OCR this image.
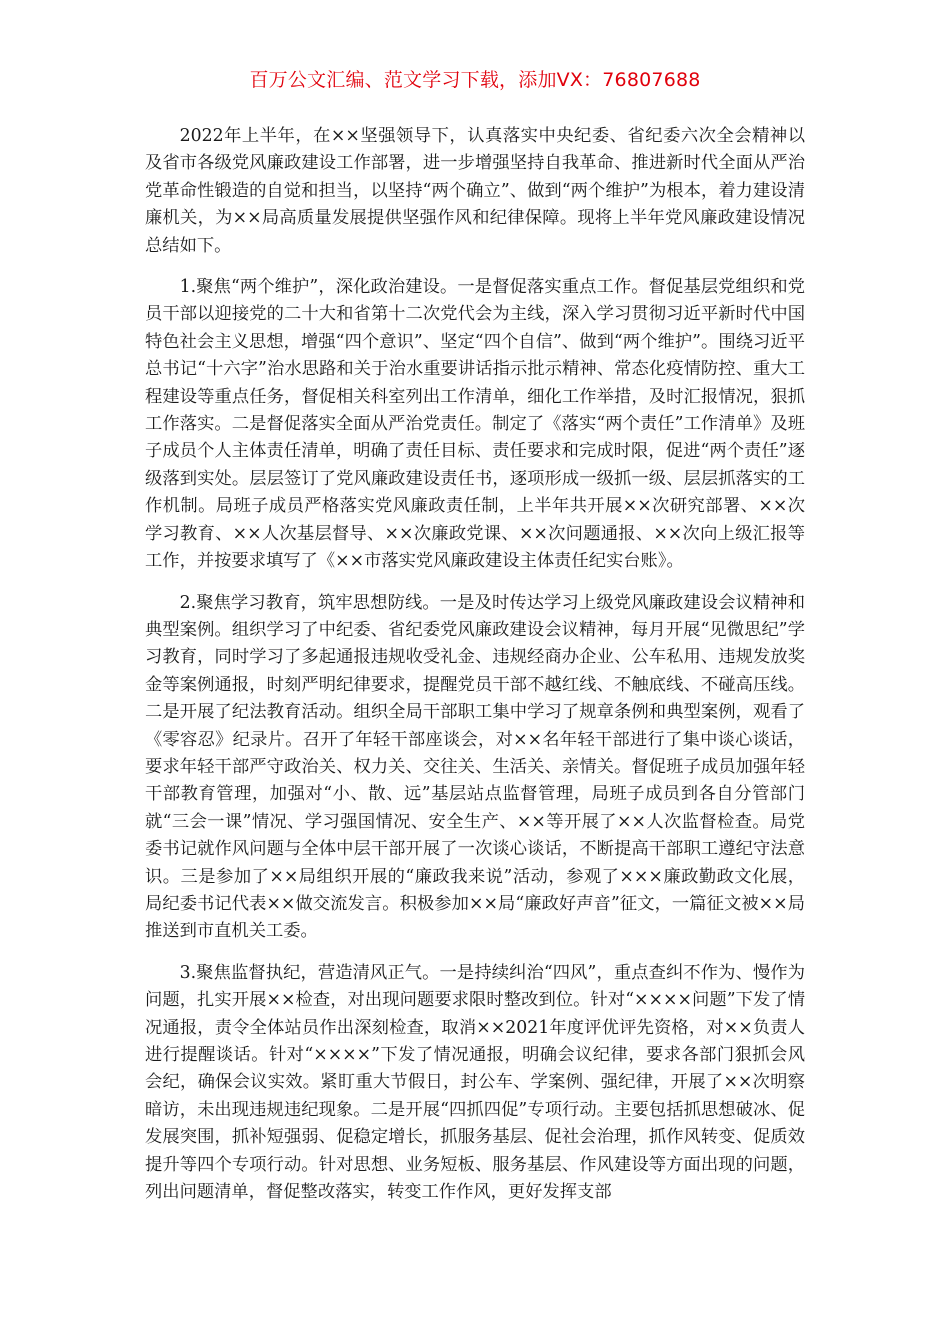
百万公文汇编、范文学习下载，添加VX：76807688

2022年上半年，在××坚强领导下，认真落实中央纪委、省纪委六次全会精神以及省市各级党风廉政建设工作部署，进一步增强坚持自我革命、推进新时代全面从严治党革命性锻造的自觉和担当，以坚持“两个确立”、做到“两个维护”为根本，着力建设清廉机关，为××局高质量发展提供坚强作风和纪律保障。现将上半年党风廉政建设情况总结如下。

1.聚焦“两个维护”，深化政治建设。一是督促落实重点工作。督促基层党组织和党员干部以迎接党的二十大和省第十二次党代会为主线，深入学习贯彻习近平新时代中国特色社会主义思想，增强“四个意识”、坚定“四个自信”、做到“两个维护”。围绕习近平总书记“十六字”治水思路和关于治水重要讲话指示批示精神、常态化疫情防控、重大工程建设等重点任务，督促相关科室列出工作清单，细化工作举措，及时汇报情况，狠抓工作落实。二是督促落实全面从严治党责任。制定了《落实“两个责任”工作清单》及班子成员个人主体责任清单，明确了责任目标、责任要求和完成时限，促进“两个责任”逐级落到实处。层层签订了党风廉政建设责任书，逐项形成一级抓一级、层层抓落实的工作机制。局班子成员严格落实党风廉政责任制，上半年共开展××次研究部署、××次学习教育、××人次基层督导、××次廉政党课、××次问题通报、××次向上级汇报等工作，并按要求填写了《××市落实党风廉政建设主体责任纪实台账》。

2.聚焦学习教育，筑牢思想防线。一是及时传达学习上级党风廉政建设会议精神和典型案例。组织学习了中纪委、省纪委党风廉政建设会议精神，每月开展“见微思纪”学习教育，同时学习了多起通报违规收受礼金、违规经商办企业、公车私用、违规发放奖金等案例通报，时刻严明纪律要求，提醒党员干部不越红线、不触底线、不碰高压线。二是开展了纪法教育活动。组织全局干部职工集中学习了规章条例和典型案例，观看了《零容忍》纪录片。召开了年轻干部座谈会，对××名年轻干部进行了集中谈心谈话，要求年轻干部严守政治关、权力关、交往关、生活关、亲情关。督促班子成员加强年轻干部教育管理，加强对“小、散、远”基层站点监督管理，局班子成员到各自分管部门就“三会一课”情况、学习强国情况、安全生产、××等开展了××人次监督检查。局党委书记就作风问题与全体中层干部开展了一次谈心谈话，不断提高干部职工遵纪守法意识。三是参加了××局组织开展的“廉政我来说”活动，参观了×××廉政勤政文化展，局纪委书记代表××做交流发言。积极参加××局“廉政好声音”征文，一篇征文被××局推送到市直机关工委。

3.聚焦监督执纪，营造清风正气。一是持续纠治“四风”，重点查纠不作为、慢作为问题，扎实开展××检查，对出现问题要求限时整改到位。针对“××××问题”下发了情况通报，责令全体站员作出深刻检查，取消××2021年度评优评先资格，对××负责人进行提醒谈话。针对“××××”下发了情况通报，明确会议纪律，要求各部门狠抓会风会纪，确保会议实效。紧盯重大节假日，封公车、学案例、强纪律，开展了××次明察暗访，未出现违规违纪现象。二是开展“四抓四促”专项行动。主要包括抓思想破冰、促发展突围，抓补短强弱、促稳定增长，抓服务基层、促社会治理，抓作风转变、促质效提升等四个专项行动。针对思想、业务短板、服务基层、作风建设等方面出现的问题，列出问题清单，督促整改落实，转变工作作风，更好发挥支部
